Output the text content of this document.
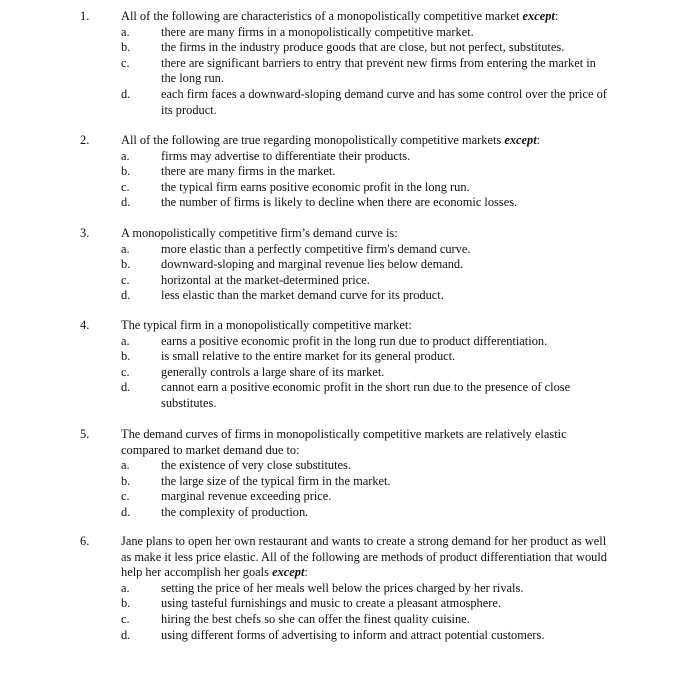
1.	All of the following are characteristics of a monopolistically competitive market except:

a.	there are many firms in a monopolistically competitive market.
b.	the firms in the industry produce goods that are close, but not perfect, substitutes.
c.	there are significant barriers to entry that prevent new firms from entering the market in the long run.
d.	each firm faces a downward-sloping demand curve and has some control over the price of its product.
2.	All of the following are true regarding monopolistically competitive markets except:

a.	firms may advertise to differentiate their products.
b.	there are many firms in the market.
c.	the typical firm earns positive economic profit in the long run.
d.	the number of firms is likely to decline when there are economic losses.
3.	A monopolistically competitive firm’s demand curve is:

a.	more elastic than a perfectly competitive firm's demand curve.
b.	downward-sloping and marginal revenue lies below demand.
c.	horizontal at the market-determined price.
d.	less elastic than the market demand curve for its product.
4.	The typical firm in a monopolistically competitive market:

a.	earns a positive economic profit in the long run due to product differentiation.
b.	is small relative to the entire market for its general product.
c.	generally controls a large share of its market.
d.	cannot earn a positive economic profit in the short run due to the presence of close substitutes.
5.	The demand curves of firms in monopolistically competitive markets are relatively elastic compared to market demand due to:

a.	the existence of very close substitutes.
b.	the large size of the typical firm in the market.
c.	marginal revenue exceeding price.
d.	the complexity of production.
6.	Jane plans to open her own restaurant and wants to create a strong demand for her product as well as make it less price elastic. All of the following are methods of product differentiation that would help her accomplish her goals except:

a.	setting the price of her meals well below the prices charged by her rivals.
b.	using tasteful furnishings and music to create a pleasant atmosphere.
c.	hiring the best chefs so she can offer the finest quality cuisine.
d.	using different forms of advertising to inform and attract potential customers.
